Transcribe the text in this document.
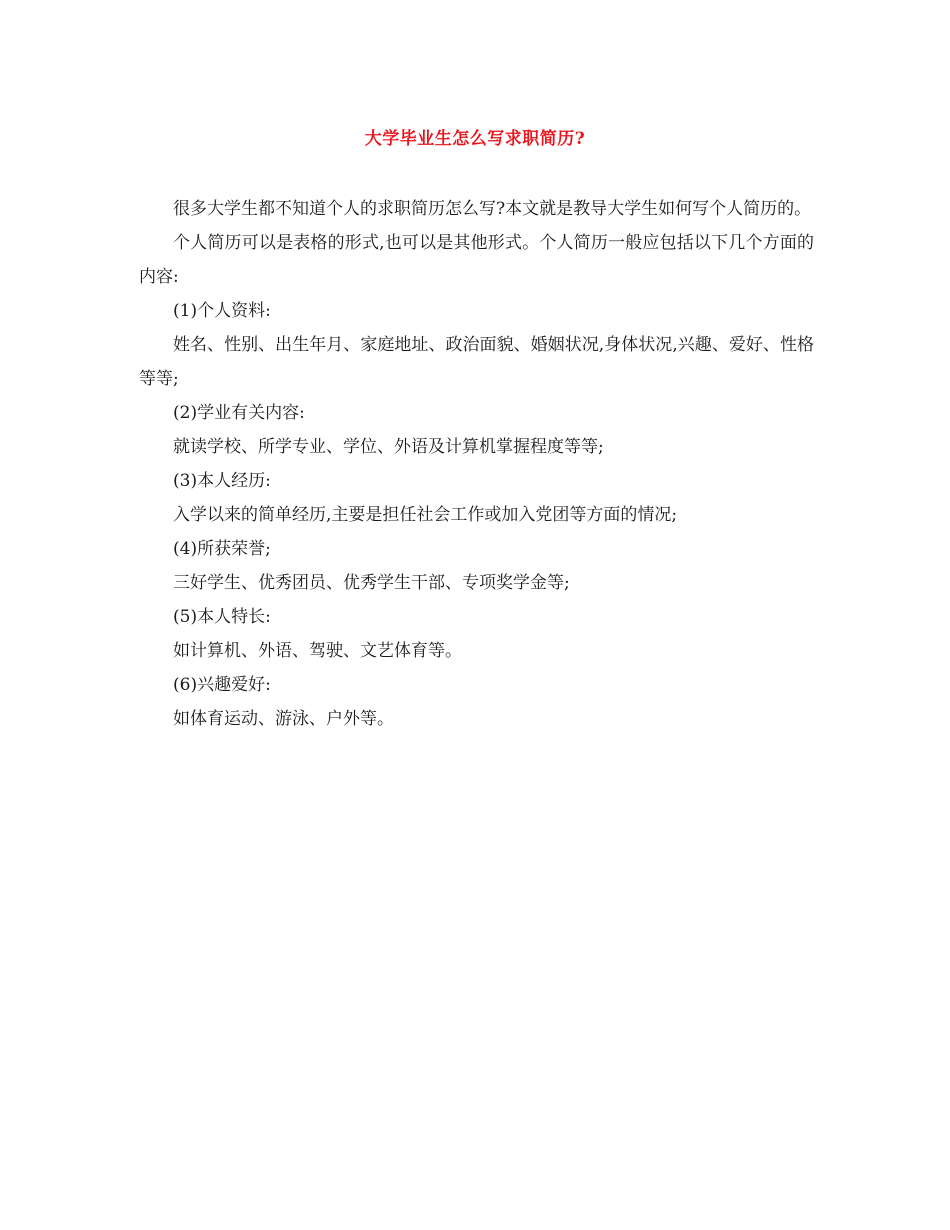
大学毕业生怎么写求职简历?

很多大学生都不知道个人的求职简历怎么写?本文就是教导大学生如何写个人简历的。

个人简历可以是表格的形式,也可以是其他形式。个人简历一般应包括以下几个方面的内容:

(1)个人资料:

姓名、性别、出生年月、家庭地址、政治面貌、婚姻状况,身体状况,兴趣、爱好、性格等等;

(2)学业有关内容:

就读学校、所学专业、学位、外语及计算机掌握程度等等;

(3)本人经历:

入学以来的简单经历,主要是担任社会工作或加入党团等方面的情况;

(4)所获荣誉;

三好学生、优秀团员、优秀学生干部、专项奖学金等;

(5)本人特长:

如计算机、外语、驾驶、文艺体育等。

(6)兴趣爱好:

如体育运动、游泳、户外等。
